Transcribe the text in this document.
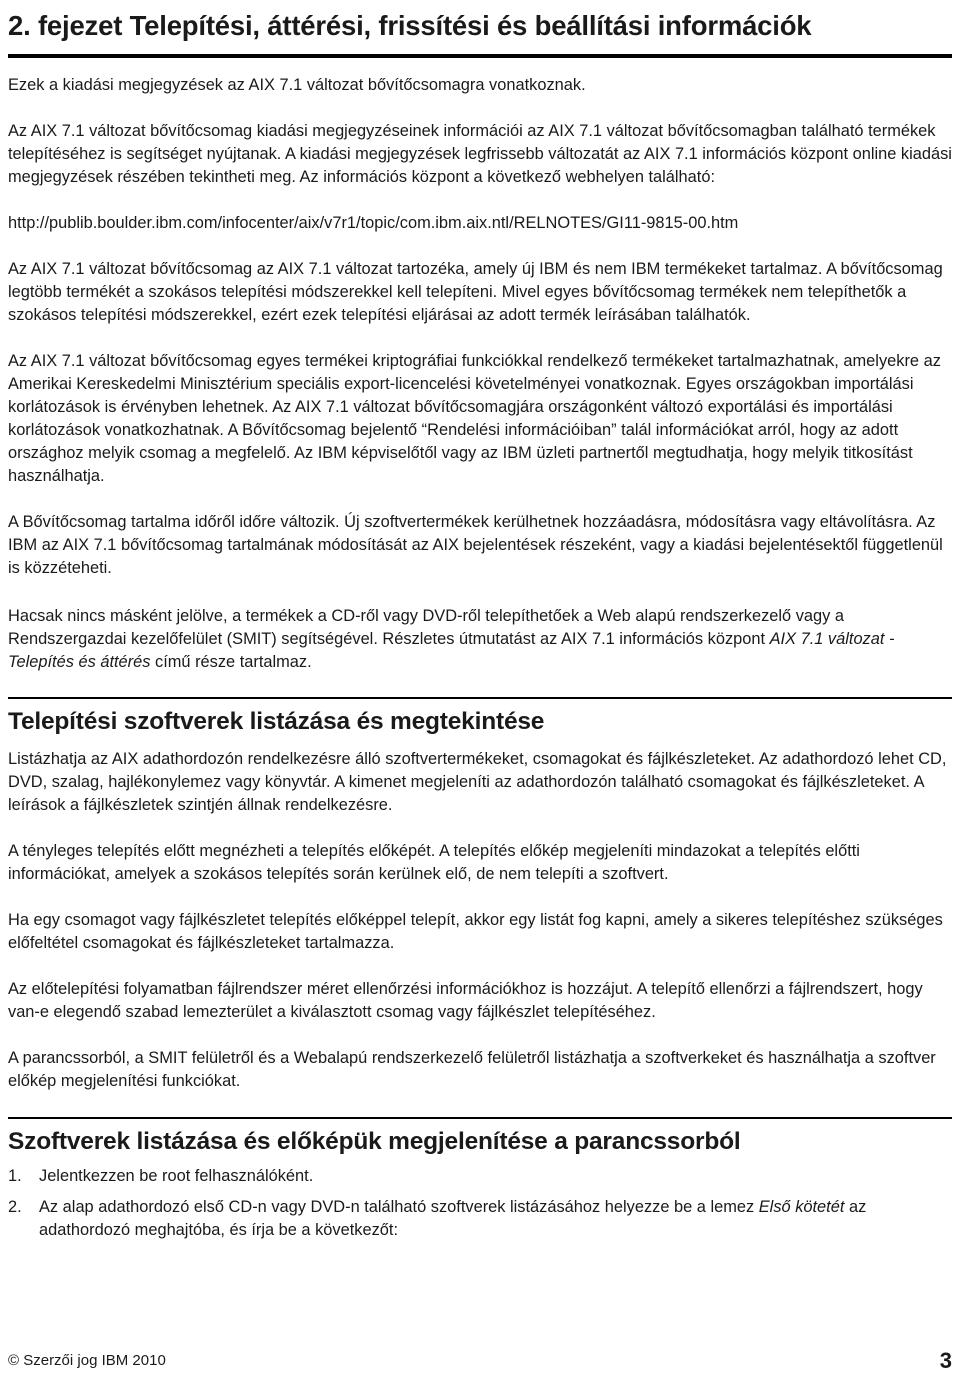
2. fejezet Telepítési, áttérési, frissítési és beállítási információk

Ezek a kiadási megjegyzések az AIX 7.1 változat bővítőcsomagra vonatkoznak.

Az AIX 7.1 változat bővítőcsomag kiadási megjegyzéseinek információi az AIX 7.1 változat bővítőcsomagban található termékek telepítéséhez is segítséget nyújtanak. A kiadási megjegyzések legfrissebb változatát az AIX 7.1 információs központ online kiadási megjegyzések részében tekintheti meg. Az információs központ a következő webhelyen található:

http://publib.boulder.ibm.com/infocenter/aix/v7r1/topic/com.ibm.aix.ntl/RELNOTES/GI11-9815-00.htm

Az AIX 7.1 változat bővítőcsomag az AIX 7.1 változat tartozéka, amely új IBM és nem IBM termékeket tartalmaz. A bővítőcsomag legtöbb termékét a szokásos telepítési módszerekkel kell telepíteni. Mivel egyes bővítőcsomag termékek nem telepíthetők a szokásos telepítési módszerekkel, ezért ezek telepítési eljárásai az adott termék leírásában találhatók.

Az AIX 7.1 változat bővítőcsomag egyes termékei kriptográfiai funkciókkal rendelkező termékeket tartalmazhatnak, amelyekre az Amerikai Kereskedelmi Minisztérium speciális export-licencelési követelményei vonatkoznak. Egyes országokban importálási korlátozások is érvényben lehetnek. Az AIX 7.1 változat bővítőcsomagjára országonként változó exportálási és importálási korlátozások vonatkozhatnak. A Bővítőcsomag bejelentő “Rendelési információiban” talál információkat arról, hogy az adott országhoz melyik csomag a megfelelő. Az IBM képviselőtől vagy az IBM üzleti partnertől megtudhatja, hogy melyik titkosítást használhatja.

A Bővítőcsomag tartalma időről időre változik. Új szoftvertermékek kerülhetnek hozzáadásra, módosításra vagy eltávolításra. Az IBM az AIX 7.1 bővítőcsomag tartalmának módosítását az AIX bejelentések részeként, vagy a kiadási bejelentésektől függetlenül is közzéteheti.

Hacsak nincs másként jelölve, a termékek a CD-ről vagy DVD-ről telepíthetőek a Web alapú rendszerkezelő vagy a Rendszergazdai kezelőfelület (SMIT) segítségével. Részletes útmutatást az AIX 7.1 információs központ AIX 7.1 változat - Telepítés és áttérés című része tartalmaz.

Telepítési szoftverek listázása és megtekintése

Listázhatja az AIX adathordozón rendelkezésre álló szoftvertermékeket, csomagokat és fájlkészleteket. Az adathordozó lehet CD, DVD, szalag, hajlékonylemez vagy könyvtár. A kimenet megjeleníti az adathordozón található csomagokat és fájlkészleteket. A leírások a fájlkészletek szintjén állnak rendelkezésre.

A tényleges telepítés előtt megnézheti a telepítés előképét. A telepítés előkép megjeleníti mindazokat a telepítés előtti információkat, amelyek a szokásos telepítés során kerülnek elő, de nem telepíti a szoftvert.

Ha egy csomagot vagy fájlkészletet telepítés előképpel telepít, akkor egy listát fog kapni, amely a sikeres telepítéshez szükséges előfeltétel csomagokat és fájlkészleteket tartalmazza.

Az előtelepítési folyamatban fájlrendszer méret ellenőrzési információkhoz is hozzájut. A telepítő ellenőrzi a fájlrendszert, hogy van-e elegendő szabad lemezterület a kiválasztott csomag vagy fájlkészlet telepítéséhez.

A parancssorból, a SMIT felületről és a Webalapú rendszerkezelő felületről listázhatja a szoftverkeket és használhatja a szoftver előkép megjelenítési funkciókat.

Szoftverek listázása és előképük megjelenítése a parancssorból
1.	Jelentkezzen be root felhasználóként.
2.	Az alap adathordozó első CD-n vagy DVD-n található szoftverek listázásához helyezze be a lemez Első kötetét az adathordozó meghajtóba, és írja be a következőt:
© Szerzői jog IBM 2010	3
